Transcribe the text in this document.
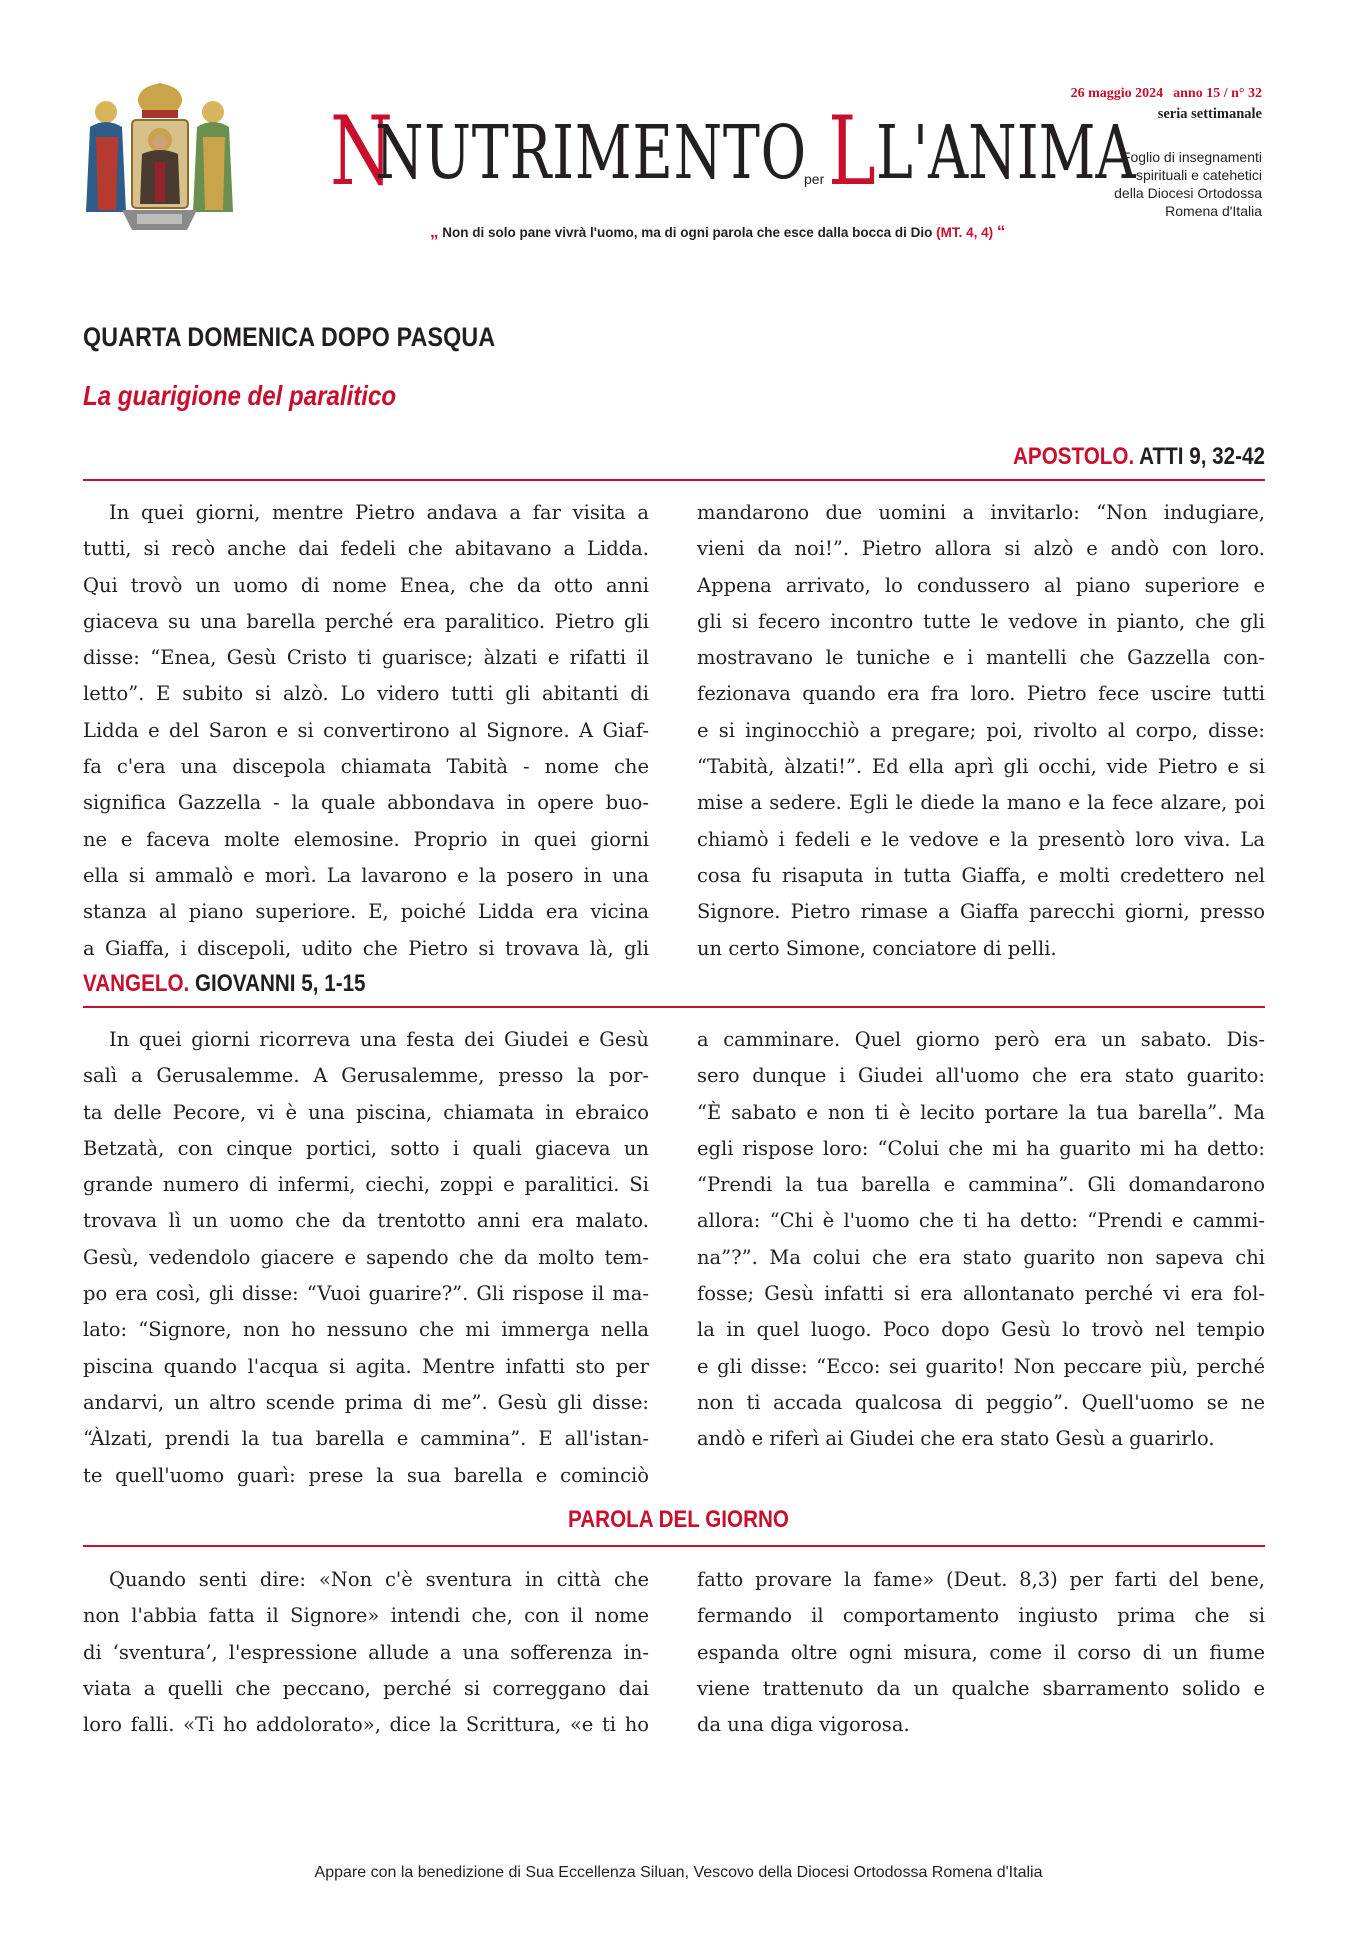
N
NUTRIMENTO
per L L'ANIMA
„ Non di solo pane vivrà l'uomo, ma di ogni parola che esce dalla bocca di Dio (MT. 4, 4) “
26 maggio 2024 anno 15 / n° 32
seria settimanale
Foglio di insegnamenti
spirituali e catehetici
della Diocesi Ortodossa
Romena d'Italia
QUARTA DOMENICA DOPO PASQUA
La guarigione del paralitico
APOSTOLO. ATTI 9, 32-42
In quei giorni, mentre Pietro andava a far visita a
tutti, si recò anche dai fedeli che abitavano a Lidda.
Qui trovò un uomo di nome Enea, che da otto anni
giaceva su una barella perché era paralitico. Pietro gli
disse: “Enea, Gesù Cristo ti guarisce; àlzati e rifatti il
letto”. E subito si alzò. Lo videro tutti gli abitanti di
Lidda e del Saron e si convertirono al Signore. A Giaf-
fa c'era una discepola chiamata Tabità - nome che
significa Gazzella - la quale abbondava in opere buo-
ne e faceva molte elemosine. Proprio in quei giorni
ella si ammalò e morì. La lavarono e la posero in una
stanza al piano superiore. E, poiché Lidda era vicina
a Giaffa, i discepoli, udito che Pietro si trovava là, gli
mandarono due uomini a invitarlo: “Non indugiare,
vieni da noi!”. Pietro allora si alzò e andò con loro.
Appena arrivato, lo condussero al piano superiore e
gli si fecero incontro tutte le vedove in pianto, che gli
mostravano le tuniche e i mantelli che Gazzella con-
fezionava quando era fra loro. Pietro fece uscire tutti
e si inginocchiò a pregare; poi, rivolto al corpo, disse:
“Tabità, àlzati!”. Ed ella aprì gli occhi, vide Pietro e si
mise a sedere. Egli le diede la mano e la fece alzare, poi
chiamò i fedeli e le vedove e la presentò loro viva. La
cosa fu risaputa in tutta Giaffa, e molti credettero nel
Signore. Pietro rimase a Giaffa parecchi giorni, presso
un certo Simone, conciatore di pelli.
VANGELO. GIOVANNI 5, 1-15
In quei giorni ricorreva una festa dei Giudei e Gesù
salì a Gerusalemme. A Gerusalemme, presso la por-
ta delle Pecore, vi è una piscina, chiamata in ebraico
Betzatà, con cinque portici, sotto i quali giaceva un
grande numero di infermi, ciechi, zoppi e paralitici. Si
trovava lì un uomo che da trentotto anni era malato.
Gesù, vedendolo giacere e sapendo che da molto tem-
po era così, gli disse: “Vuoi guarire?”. Gli rispose il ma-
lato: “Signore, non ho nessuno che mi immerga nella
piscina quando l'acqua si agita. Mentre infatti sto per
andarvi, un altro scende prima di me”. Gesù gli disse:
“Àlzati, prendi la tua barella e cammina”. E all'istan-
te quell'uomo guarì: prese la sua barella e cominciò
a camminare. Quel giorno però era un sabato. Dis-
sero dunque i Giudei all'uomo che era stato guarito:
“È sabato e non ti è lecito portare la tua barella”. Ma
egli rispose loro: “Colui che mi ha guarito mi ha detto:
“Prendi la tua barella e cammina”. Gli domandarono
allora: “Chi è l'uomo che ti ha detto: “Prendi e cammi-
na”?”. Ma colui che era stato guarito non sapeva chi
fosse; Gesù infatti si era allontanato perché vi era fol-
la in quel luogo. Poco dopo Gesù lo trovò nel tempio
e gli disse: “Ecco: sei guarito! Non peccare più, perché
non ti accada qualcosa di peggio”. Quell'uomo se ne
andò e riferì ai Giudei che era stato Gesù a guarirlo.
PAROLA DEL GIORNO
Quando senti dire: «Non c'è sventura in città che
non l'abbia fatta il Signore» intendi che, con il nome
di ‘sventura’, l'espressione allude a una sofferenza in-
viata a quelli che peccano, perché si correggano dai
loro falli. «Ti ho addolorato», dice la Scrittura, «e ti ho
fatto provare la fame» (Deut. 8,3) per farti del bene,
fermando il comportamento ingiusto prima che si
espanda oltre ogni misura, come il corso di un fiume
viene trattenuto da un qualche sbarramento solido e
da una diga vigorosa.
Appare con la benedizione di Sua Eccellenza Siluan, Vescovo della Diocesi Ortodossa Romena d'Italia
